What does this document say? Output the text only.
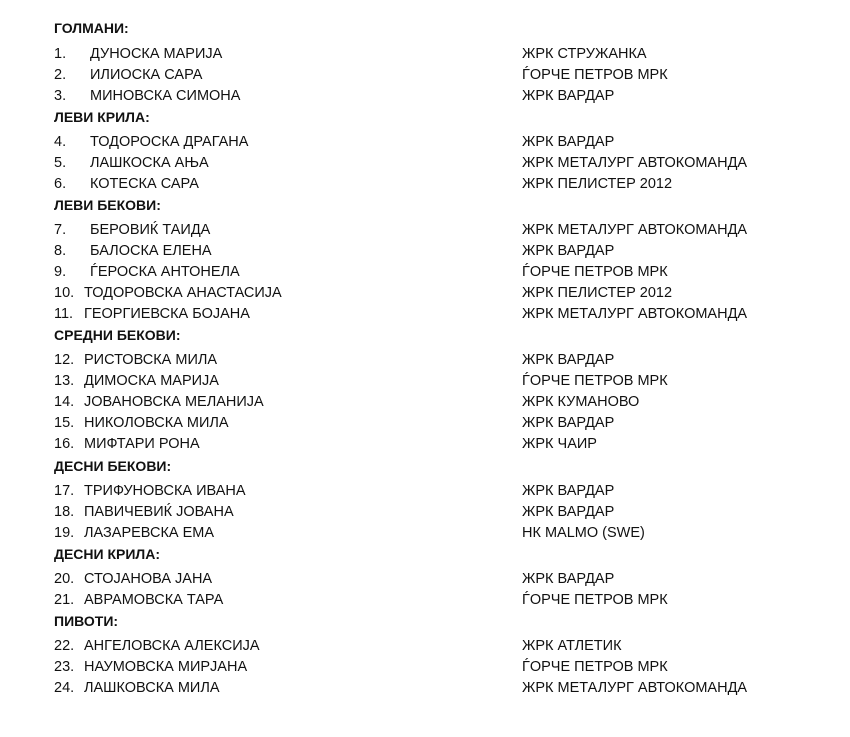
ГОЛМАНИ:
1. ДУНОСКА МАРИЈА	ЖРК СТРУЖАНКА
2. ИЛИОСКА САРА	ЃОРЧЕ ПЕТРОВ МРК
3. МИНОВСКА СИМОНА	ЖРК ВАРДАР
ЛЕВИ КРИЛА:
4. ТОДОРОСКА ДРАГАНА	ЖРК ВАРДАР
5. ЛАШКОСКА АЊА	ЖРК МЕТАЛУРГ АВТОКОМАНДА
6. КОТЕСКА САРА	ЖРК ПЕЛИСТЕР 2012
ЛЕВИ БЕКОВИ:
7. БЕРОВИЌ ТАИДА	ЖРК МЕТАЛУРГ АВТОКОМАНДА
8. БАЛОСКА ЕЛЕНА	ЖРК ВАРДАР
9. ЃЕРОСКА АНТОНЕЛА	ЃОРЧЕ ПЕТРОВ МРК
10. ТОДОРОВСКА АНАСТАСИЈА	ЖРК ПЕЛИСТЕР 2012
11. ГЕОРГИЕВСКА БОЈАНА	ЖРК МЕТАЛУРГ АВТОКОМАНДА
СРЕДНИ БЕКОВИ:
12. РИСТОВСКА МИЛА	ЖРК ВАРДАР
13. ДИМОСКА МАРИЈА	ЃОРЧЕ ПЕТРОВ МРК
14. ЈОВАНОВСКА МЕЛАНИЈА	ЖРК КУМАНОВО
15. НИКОЛОВСКА МИЛА	ЖРК ВАРДАР
16. МИФТАРИ РОНА	ЖРК ЧАИР
ДЕСНИ БЕКОВИ:
17. ТРИФУНОВСКА ИВАНА	ЖРК ВАРДАР
18. ПАВИЧЕВИЌ ЈОВАНА	ЖРК ВАРДАР
19. ЛАЗАРЕВСКА ЕМА	НК MALMO (SWE)
ДЕСНИ КРИЛА:
20. СТОЈАНОВА ЈАНА	ЖРК ВАРДАР
21. АВРАМОВСКА ТАРА	ЃОРЧЕ ПЕТРОВ МРК
ПИВОТИ:
22. АНГЕЛОВСКА АЛЕКСИЈА	ЖРК АТЛЕТИК
23. НАУМОВСКА МИРЈАНА	ЃОРЧЕ ПЕТРОВ МРК
24. ЛАШКОВСКА МИЛА	ЖРК МЕТАЛУРГ АВТОКОМАНДА
